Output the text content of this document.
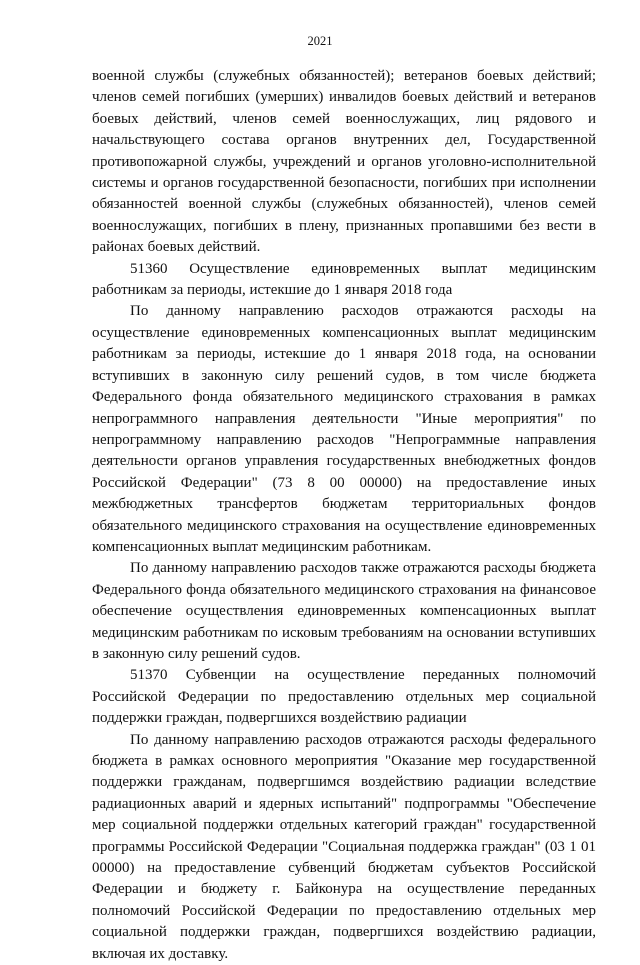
2021

военной службы (служебных обязанностей); ветеранов боевых действий; членов семей погибших (умерших) инвалидов боевых действий и ветеранов боевых действий, членов семей военнослужащих, лиц рядового и начальствующего состава органов внутренних дел, Государственной противопожарной службы, учреждений и органов уголовно-исполнительной системы и органов государственной безопасности, погибших при исполнении обязанностей военной службы (служебных обязанностей), членов семей военнослужащих, погибших в плену, признанных пропавшими без вести в районах боевых действий.

51360 Осуществление единовременных выплат медицинским работникам за периоды, истекшие до 1 января 2018 года

По данному направлению расходов отражаются расходы на осуществление единовременных компенсационных выплат медицинским работникам за периоды, истекшие до 1 января 2018 года, на основании вступивших в законную силу решений судов, в том числе бюджета Федерального фонда обязательного медицинского страхования в рамках непрограммного направления деятельности "Иные мероприятия" по непрограммному направлению расходов "Непрограммные направления деятельности органов управления государственных внебюджетных фондов Российской Федерации" (73 8 00 00000) на предоставление иных межбюджетных трансфертов бюджетам территориальных фондов обязательного медицинского страхования на осуществление единовременных компенсационных выплат медицинским работникам.

По данному направлению расходов также отражаются расходы бюджета Федерального фонда обязательного медицинского страхования на финансовое обеспечение осуществления единовременных компенсационных выплат медицинским работникам по исковым требованиям на основании вступивших в законную силу решений судов.

51370 Субвенции на осуществление переданных полномочий Российской Федерации по предоставлению отдельных мер социальной поддержки граждан, подвергшихся воздействию радиации

По данному направлению расходов отражаются расходы федерального бюджета в рамках основного мероприятия "Оказание мер государственной поддержки гражданам, подвергшимся воздействию радиации вследствие радиационных аварий и ядерных испытаний" подпрограммы "Обеспечение мер социальной поддержки отдельных категорий граждан" государственной программы Российской Федерации "Социальная поддержка граждан" (03 1 01 00000) на предоставление субвенций бюджетам субъектов Российской Федерации и бюджету г. Байконура на осуществление переданных полномочий Российской Федерации по предоставлению отдельных мер социальной поддержки граждан, подвергшихся воздействию радиации, включая их доставку.
